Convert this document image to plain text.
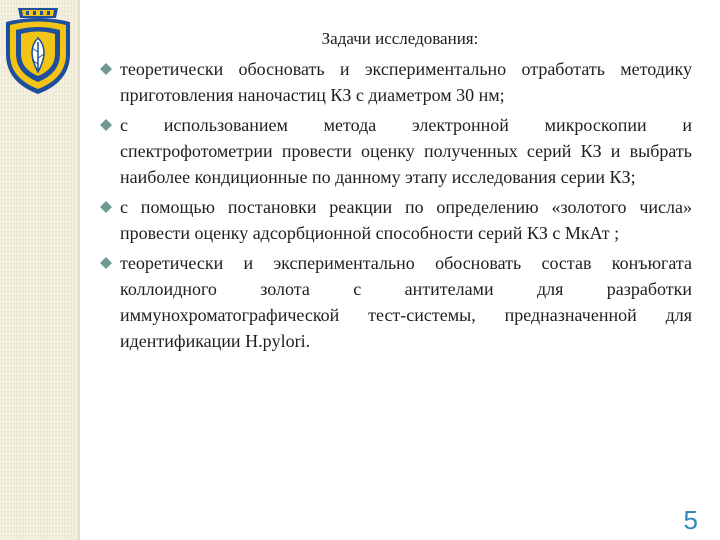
Задачи исследования:
теоретически обосновать и экспериментально отработать методику приготовления наночастиц КЗ с диаметром 30 нм;
с использованием метода электронной микроскопии и спектрофотометрии провести оценку полученных серий КЗ и выбрать наиболее кондиционные по данному этапу исследования серии КЗ;
с помощью постановки реакции по определению «золотого числа» провести оценку адсорбционной способности серий КЗ с МкАт ;
теоретически и экспериментально обосновать состав конъюгата коллоидного золота с антителами для разработки иммунохроматографической тест-системы, предназначенной для идентификации H.pylori.
5
